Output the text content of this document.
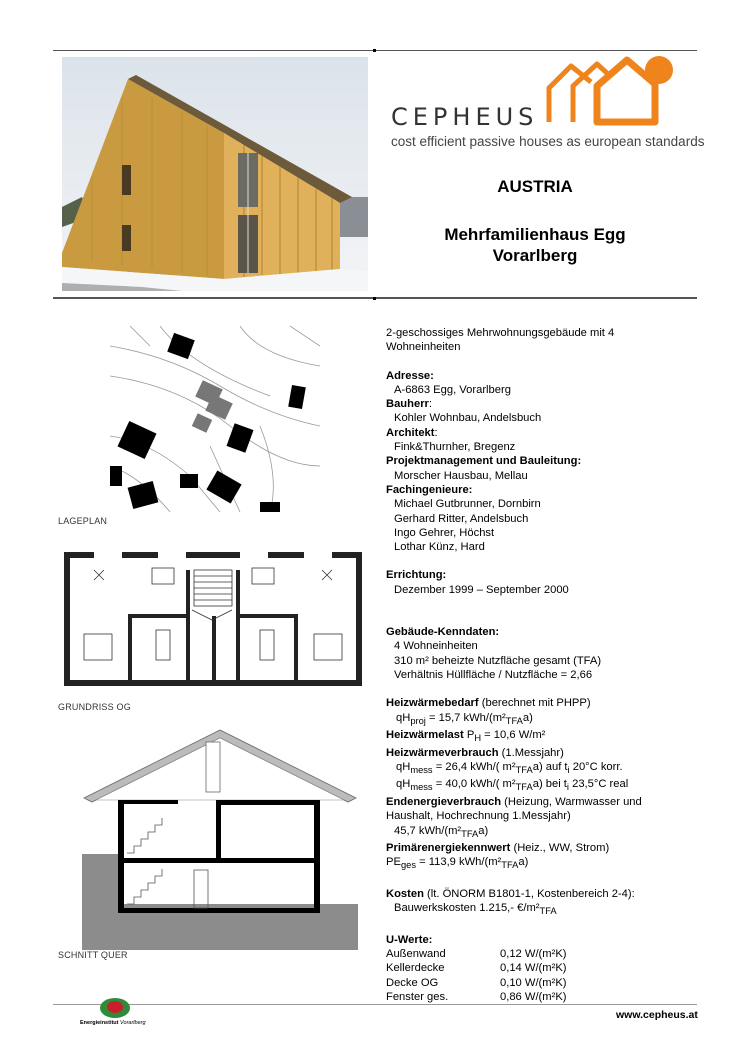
CEPHEUS
cost efficient passive houses as european standards
AUSTRIA
Mehrfamilienhaus Egg
Vorarlberg
LAGEPLAN
GRUNDRISS OG
SCHNITT QUER
2-geschossiges Mehrwohnungsgebäude mit 4
Wohneinheiten
Adresse:
A-6863 Egg, Vorarlberg
Bauherr:
Kohler Wohnbau, Andelsbuch
Architekt:
Fink&Thurnher, Bregenz
Projektmanagement und Bauleitung:
Morscher Hausbau, Mellau
Fachingenieure:
Michael Gutbrunner, Dornbirn
Gerhard Ritter, Andelsbuch
Ingo Gehrer, Höchst
Lothar Künz, Hard
Errichtung:
Dezember 1999 – September 2000
Gebäude-Kenndaten:
4 Wohneinheiten
310 m² beheizte Nutzfläche gesamt (TFA)
Verhältnis Hüllfläche / Nutzfläche = 2,66
Heizwärmebedarf (berechnet mit PHPP)
$qH_{proj} = 15,7$ kWh/$(m^2_{TFA}a)$
Heizwärmelast $P_H = 10,6$ W/m²
Heizwärmeverbrauch (1.Messjahr)
$qH_{mess} = 26,4$ kWh/( $m^2_{TFA}a$) auf $t_i$ 20°C korr.
$qH_{mess} = 40,0$ kWh/( $m^2_{TFA}a$) bei $t_i$ 23,5°C real
Endenergieverbrauch (Heizung, Warmwasser und
Haushalt, Hochrechnung 1.Messjahr)
45,7 kWh/$(m^2_{TFA}a)$
Primärenergiekennwert (Heiz., WW, Strom)
$PE_{ges} = 113,9$ kWh/$(m^2_{TFA}a)$
Kosten (lt. ÖNORM B1801-1, Kostenbereich 2-4):
Bauwerkskosten 1.215,- $€/m^2_{TFA}$
U-Werte:
Außenwand	0,12 W/(m²K)
Kellerdecke	0,14 W/(m²K)
Decke OG	0,10 W/(m²K)
Fenster ges.	0,86 W/(m²K)
Energieinstitut Vorarlberg
www.cepheus.at
